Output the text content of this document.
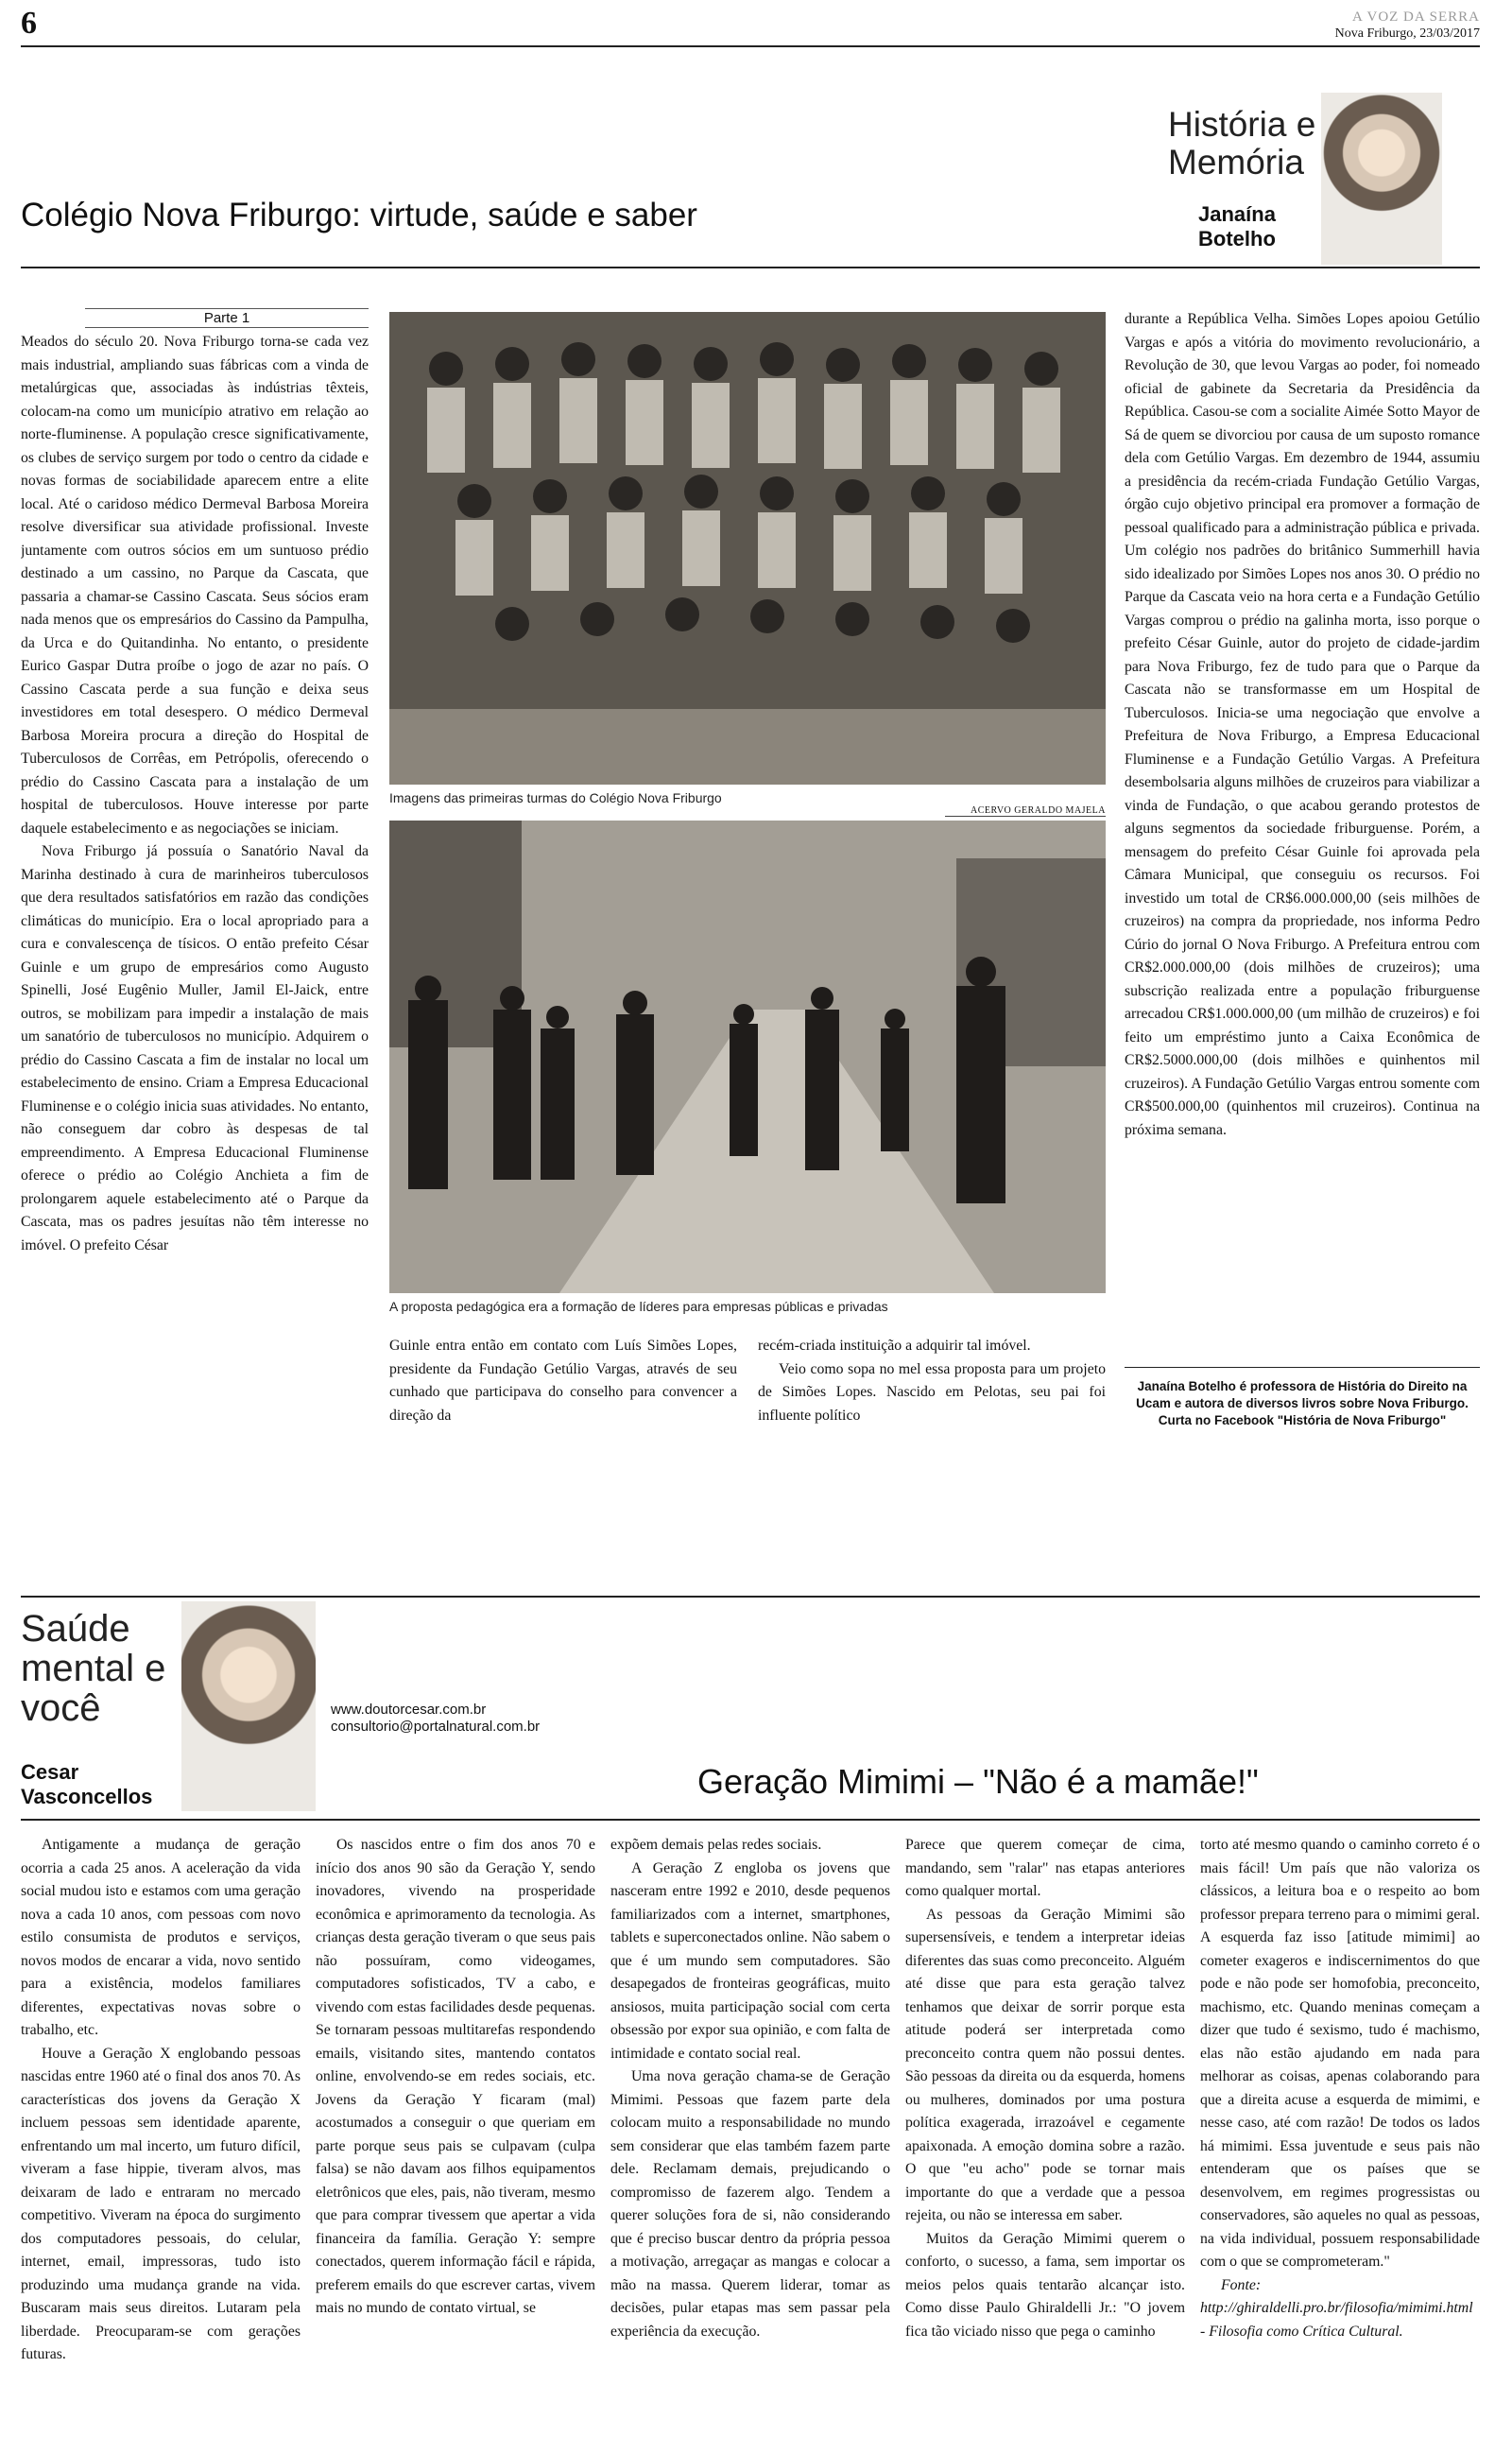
6	A VOZ DA SERRA
Nova Friburgo, 23/03/2017
História e Memória
Colégio Nova Friburgo: virtude, saúde e saber	Janaína Botelho
Parte 1

Meados do século 20. Nova Friburgo torna-se cada vez mais industrial, ampliando suas fábricas com a vinda de metalúrgicas que, associadas às indústrias têxteis, colocam-na como um município atrativo em relação ao norte-fluminense. A população cresce significativamente, os clubes de serviço surgem por todo o centro da cidade e novas formas de sociabilidade aparecem entre a elite local. Até o caridoso médico Dermeval Barbosa Moreira resolve diversificar sua atividade profissional. Investe juntamente com outros sócios em um suntuoso prédio destinado a um cassino, no Parque da Cascata, que passaria a chamar-se Cassino Cascata. Seus sócios eram nada menos que os empresários do Cassino da Pampulha, da Urca e do Quitandinha. No entanto, o presidente Eurico Gaspar Dutra proíbe o jogo de azar no país. O Cassino Cascata perde a sua função e deixa seus investidores em total desespero. O médico Dermeval Barbosa Moreira procura a direção do Hospital de Tuberculosos de Corrêas, em Petrópolis, oferecendo o prédio do Cassino Cascata para a instalação de um hospital de tuberculosos. Houve interesse por parte daquele estabelecimento e as negociações se iniciam.

Nova Friburgo já possuía o Sanatório Naval da Marinha destinado à cura de marinheiros tuberculosos que dera resultados satisfatórios em razão das condições climáticas do município. Era o local apropriado para a cura e convalescença de tísicos. O então prefeito César Guinle e um grupo de empresários como Augusto Spinelli, José Eugênio Muller, Jamil El-Jaick, entre outros, se mobilizam para impedir a instalação de mais um sanatório de tuberculosos no município. Adquirem o prédio do Cassino Cascata a fim de instalar no local um estabelecimento de ensino. Criam a Empresa Educacional Fluminense e o colégio inicia suas atividades. No entanto, não conseguem dar cobro às despesas de tal empreendimento. A Empresa Educacional Fluminense oferece o prédio ao Colégio Anchieta a fim de prolongarem aquele estabelecimento até o Parque da Cascata, mas os padres jesuítas não têm interesse no imóvel. O prefeito César

Imagens das primeiras turmas do Colégio Nova Friburgo
ACERVO GERALDO MAJELA
A proposta pedagógica era a formação de líderes para empresas públicas e privadas

Guinle entra então em contato com Luís Simões Lopes, presidente da Fundação Getúlio Vargas, através de seu cunhado que participava do conselho para convencer a direção da

recém-criada instituição a adquirir tal imóvel.

Veio como sopa no mel essa proposta para um projeto de Simões Lopes. Nascido em Pelotas, seu pai foi influente político

durante a República Velha. Simões Lopes apoiou Getúlio Vargas e após a vitória do movimento revolucionário, a Revolução de 30, que levou Vargas ao poder, foi nomeado oficial de gabinete da Secretaria da Presidência da República. Casou-se com a socialite Aimée Sotto Mayor de Sá de quem se divorciou por causa de um suposto romance dela com Getúlio Vargas. Em dezembro de 1944, assumiu a presidência da recém-criada Fundação Getúlio Vargas, órgão cujo objetivo principal era promover a formação de pessoal qualificado para a administração pública e privada. Um colégio nos padrões do britânico Summerhill havia sido idealizado por Simões Lopes nos anos 30. O prédio no Parque da Cascata veio na hora certa e a Fundação Getúlio Vargas comprou o prédio na galinha morta, isso porque o prefeito César Guinle, autor do projeto de cidade-jardim para Nova Friburgo, fez de tudo para que o Parque da Cascata não se transformasse em um Hospital de Tuberculosos. Inicia-se uma negociação que envolve a Prefeitura de Nova Friburgo, a Empresa Educacional Fluminense e a Fundação Getúlio Vargas. A Prefeitura desembolsaria alguns milhões de cruzeiros para viabilizar a vinda de Fundação, o que acabou gerando protestos de alguns segmentos da sociedade friburguense. Porém, a mensagem do prefeito César Guinle foi aprovada pela Câmara Municipal, que conseguiu os recursos. Foi investido um total de CR$6.000.000,00 (seis milhões de cruzeiros) na compra da propriedade, nos informa Pedro Cúrio do jornal O Nova Friburgo. A Prefeitura entrou com CR$2.000.000,00 (dois milhões de cruzeiros); uma subscrição realizada entre a população friburguense arrecadou CR$1.000.000,00 (um milhão de cruzeiros) e foi feito um empréstimo junto a Caixa Econômica de CR$2.5000.000,00 (dois milhões e quinhentos mil cruzeiros). A Fundação Getúlio Vargas entrou somente com CR$500.000,00 (quinhentos mil cruzeiros). Continua na próxima semana.

Janaína Botelho é professora de História do Direito na Ucam e autora de diversos livros sobre Nova Friburgo. Curta no Facebook "História de Nova Friburgo"
Saúde mental e você
Cesar Vasconcellos
www.doutorcesar.com.br
consultorio@portalnatural.com.br
Geração Mimimi – "Não é a mamãe!"

Antigamente a mudança de geração ocorria a cada 25 anos. A aceleração da vida social mudou isto e estamos com uma geração nova a cada 10 anos, com pessoas com novo estilo consumista de produtos e serviços, novos modos de encarar a vida, novo sentido para a existência, modelos familiares diferentes, expectativas novas sobre o trabalho, etc.

Houve a Geração X englobando pessoas nascidas entre 1960 até o final dos anos 70. As características dos jovens da Geração X incluem pessoas sem identidade aparente, enfrentando um mal incerto, um futuro difícil, viveram a fase hippie, tiveram alvos, mas deixaram de lado e entraram no mercado competitivo. Viveram na época do surgimento dos computadores pessoais, do celular, internet, email, impressoras, tudo isto produzindo uma mudança grande na vida. Buscaram mais seus direitos. Lutaram pela liberdade. Preocuparam-se com gerações futuras.

Os nascidos entre o fim dos anos 70 e início dos anos 90 são da Geração Y, sendo inovadores, vivendo na prosperidade econômica e aprimoramento da tecnologia. As crianças desta geração tiveram o que seus pais não possuíram, como videogames, computadores sofisticados, TV a cabo, e vivendo com estas facilidades desde pequenas. Se tornaram pessoas multitarefas respondendo emails, visitando sites, mantendo contatos online, envolvendo-se em redes sociais, etc. Jovens da Geração Y ficaram (mal) acostumados a conseguir o que queriam em parte porque seus pais se culpavam (culpa falsa) se não davam aos filhos equipamentos eletrônicos que eles, pais, não tiveram, mesmo que para comprar tivessem que apertar a vida financeira da família. Geração Y: sempre conectados, querem informação fácil e rápida, preferem emails do que escrever cartas, vivem mais no mundo de contato virtual, se

expõem demais pelas redes sociais.

A Geração Z engloba os jovens que nasceram entre 1992 e 2010, desde pequenos familiarizados com a internet, smartphones, tablets e superconectados online. Não sabem o que é um mundo sem computadores. São desapegados de fronteiras geográficas, muito ansiosos, muita participação social com certa obsessão por expor sua opinião, e com falta de intimidade e contato social real.

Uma nova geração chama-se de Geração Mimimi. Pessoas que fazem parte dela colocam muito a responsabilidade no mundo sem considerar que elas também fazem parte dele. Reclamam demais, prejudicando o compromisso de fazerem algo. Tendem a querer soluções fora de si, não considerando que é preciso buscar dentro da própria pessoa a motivação, arregaçar as mangas e colocar a mão na massa. Querem liderar, tomar as decisões, pular etapas mas sem passar pela experiência da execução.

Parece que querem começar de cima, mandando, sem "ralar" nas etapas anteriores como qualquer mortal.

As pessoas da Geração Mimimi são supersensíveis, e tendem a interpretar ideias diferentes das suas como preconceito. Alguém até disse que para esta geração talvez tenhamos que deixar de sorrir porque esta atitude poderá ser interpretada como preconceito contra quem não possui dentes. São pessoas da direita ou da esquerda, homens ou mulheres, dominados por uma postura política exagerada, irrazoável e cegamente apaixonada. A emoção domina sobre a razão. O que "eu acho" pode se tornar mais importante do que a verdade que a pessoa rejeita, ou não se interessa em saber.

Muitos da Geração Mimimi querem o conforto, o sucesso, a fama, sem importar os meios pelos quais tentarão alcançar isto. Como disse Paulo Ghiraldelli Jr.: "O jovem fica tão viciado nisso que pega o caminho

torto até mesmo quando o caminho correto é o mais fácil! Um país que não valoriza os clássicos, a leitura boa e o respeito ao bom professor prepara terreno para o mimimi geral. A esquerda faz isso [atitude mimimi] ao cometer exageros e indiscernimentos do que pode e não pode ser homofobia, preconceito, machismo, etc. Quando meninas começam a dizer que tudo é sexismo, tudo é machismo, elas não estão ajudando em nada para melhorar as coisas, apenas colaborando para que a direita acuse a esquerda de mimimi, e nesse caso, até com razão! De todos os lados há mimimi. Essa juventude e seus pais não entenderam que os países que se desenvolvem, em regimes progressistas ou conservadores, são aqueles no qual as pessoas, na vida individual, possuem responsabilidade com o que se comprometeram."

Fonte: http://ghiraldelli.pro.br/filosofia/mimimi.html - Filosofia como Crítica Cultural.
